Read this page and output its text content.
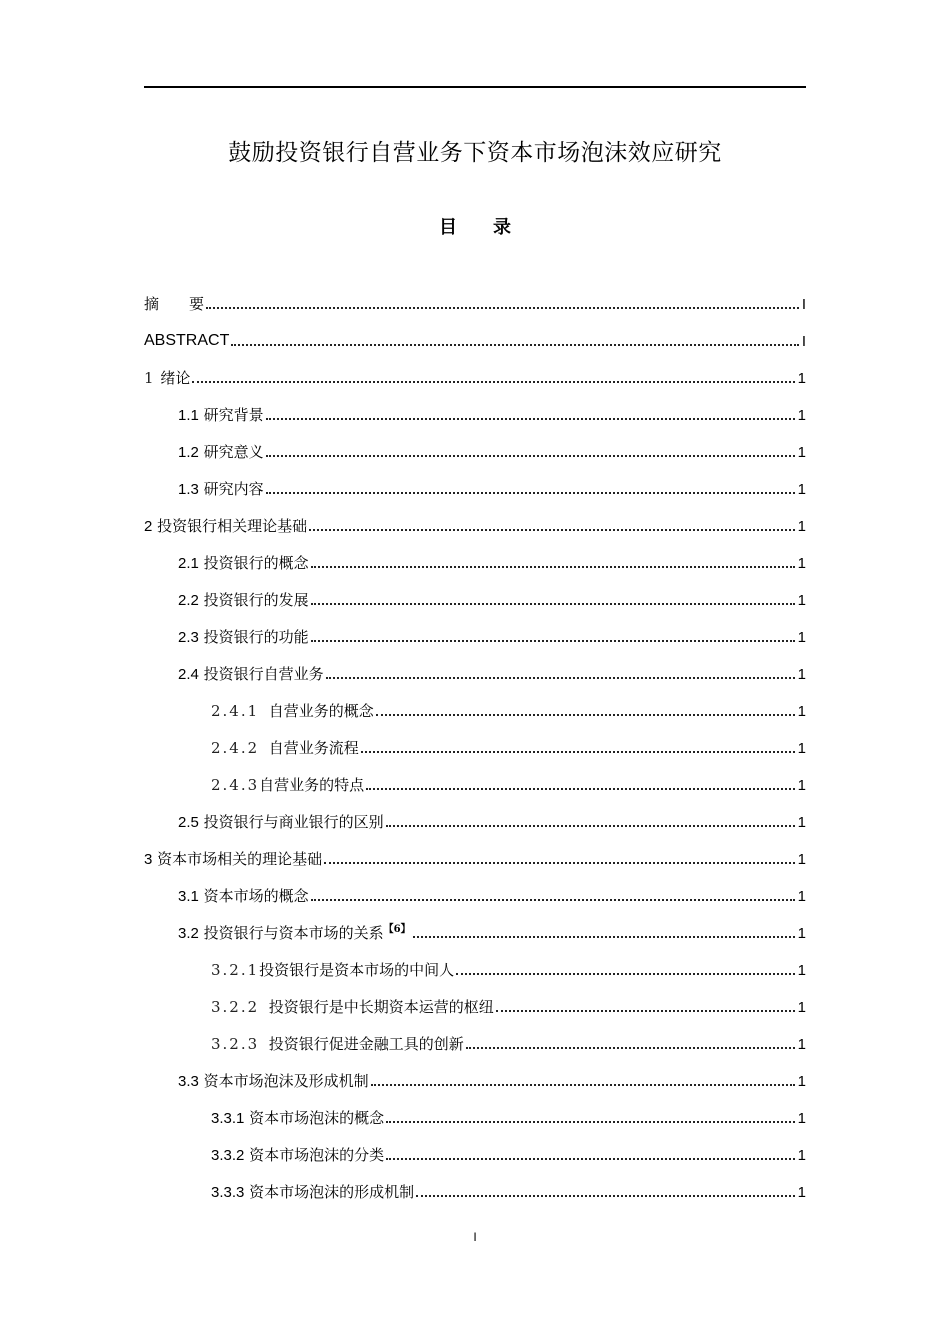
鼓励投资银行自营业务下资本市场泡沫效应研究
目 录
摘　　要	I
ABSTRACT	I
1 绪论	1
1.1 研究背景	1
1.2 研究意义	1
1.3 研究内容	1
2 投资银行相关理论基础	1
2.1 投资银行的概念	1
2.2 投资银行的发展	1
2.3 投资银行的功能	1
2.4 投资银行自营业务	1
2.4.1 自营业务的概念	1
2.4.2 自营业务流程	1
2.4.3自营业务的特点	1
2.5 投资银行与商业银行的区别	1
3 资本市场相关的理论基础	1
3.1 资本市场的概念	1
3.2 投资银行与资本市场的关系$^{【6】}$	1
3.2.1投资银行是资本市场的中间人	1
3.2.2 投资银行是中长期资本运营的枢纽	1
3.2.3 投资银行促进金融工具的创新	1
3.3 资本市场泡沫及形成机制	1
3.3.1 资本市场泡沫的概念	1
3.3.2 资本市场泡沫的分类	1
3.3.3 资本市场泡沫的形成机制	1
I
